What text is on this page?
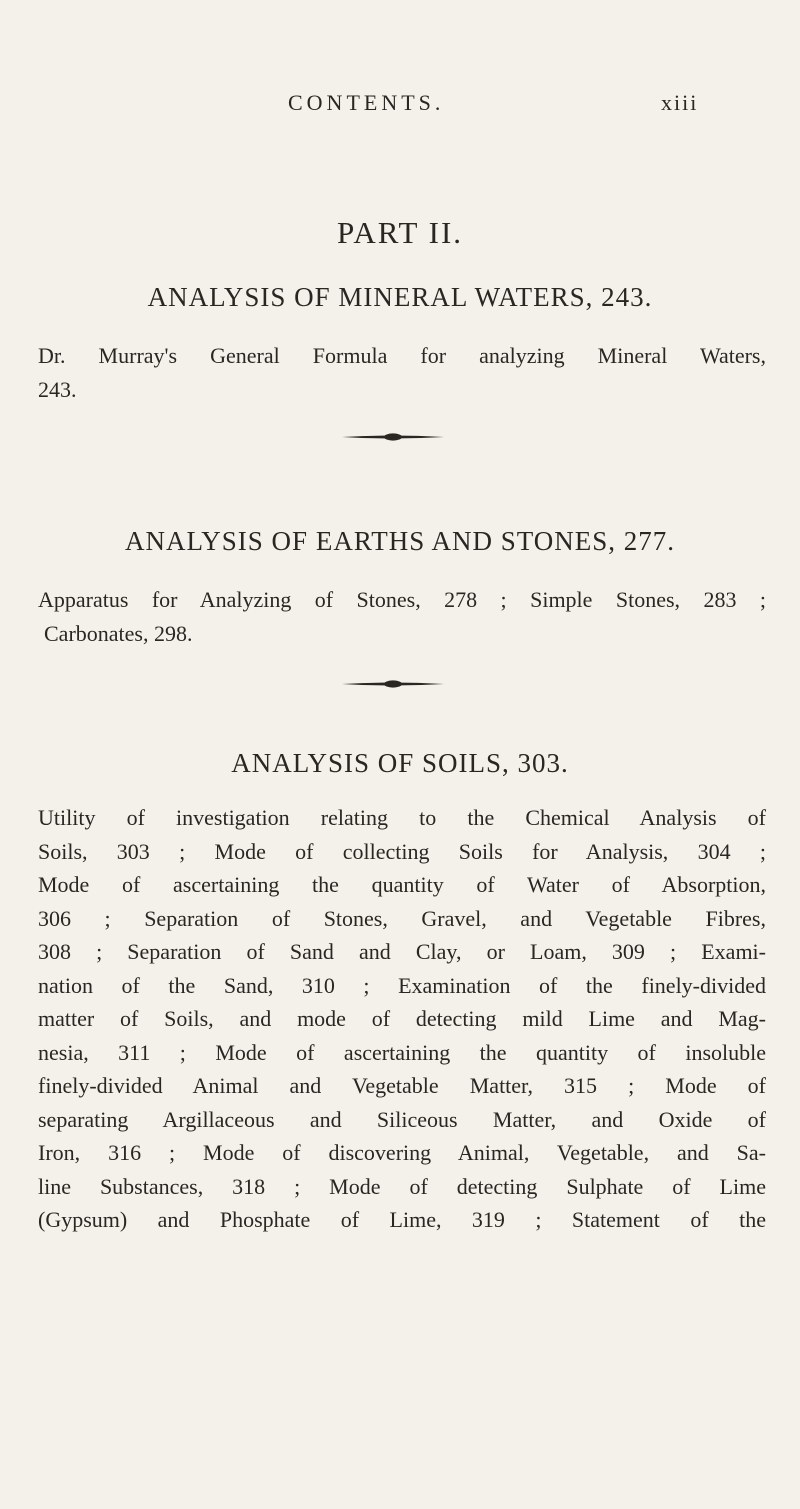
CONTENTS.	xiii
PART II.
ANALYSIS OF MINERAL WATERS, 243.

Dr. Murray's General Formula for analyzing Mineral Waters,
243.

ANALYSIS OF EARTHS AND STONES, 277.

Apparatus for Analyzing of Stones, 278 ; Simple Stones, 283 ;
Carbonates, 298.

ANALYSIS OF SOILS, 303.

Utility of investigation relating to the Chemical Analysis of
Soils, 303 ; Mode of collecting Soils for Analysis, 304 ;
Mode of ascertaining the quantity of Water of Absorption,
306 ; Separation of Stones, Gravel, and Vegetable Fibres,
308 ; Separation of Sand and Clay, or Loam, 309 ; Exami-
nation of the Sand, 310 ; Examination of the finely-divided
matter of Soils, and mode of detecting mild Lime and Mag-
nesia, 311 ; Mode of ascertaining the quantity of insoluble
finely-divided Animal and Vegetable Matter, 315 ; Mode of
separating Argillaceous and Siliceous Matter, and Oxide of
Iron, 316 ; Mode of discovering Animal, Vegetable, and Sa-
line Substances, 318 ; Mode of detecting Sulphate of Lime
(Gypsum) and Phosphate of Lime, 319 ; Statement of the
